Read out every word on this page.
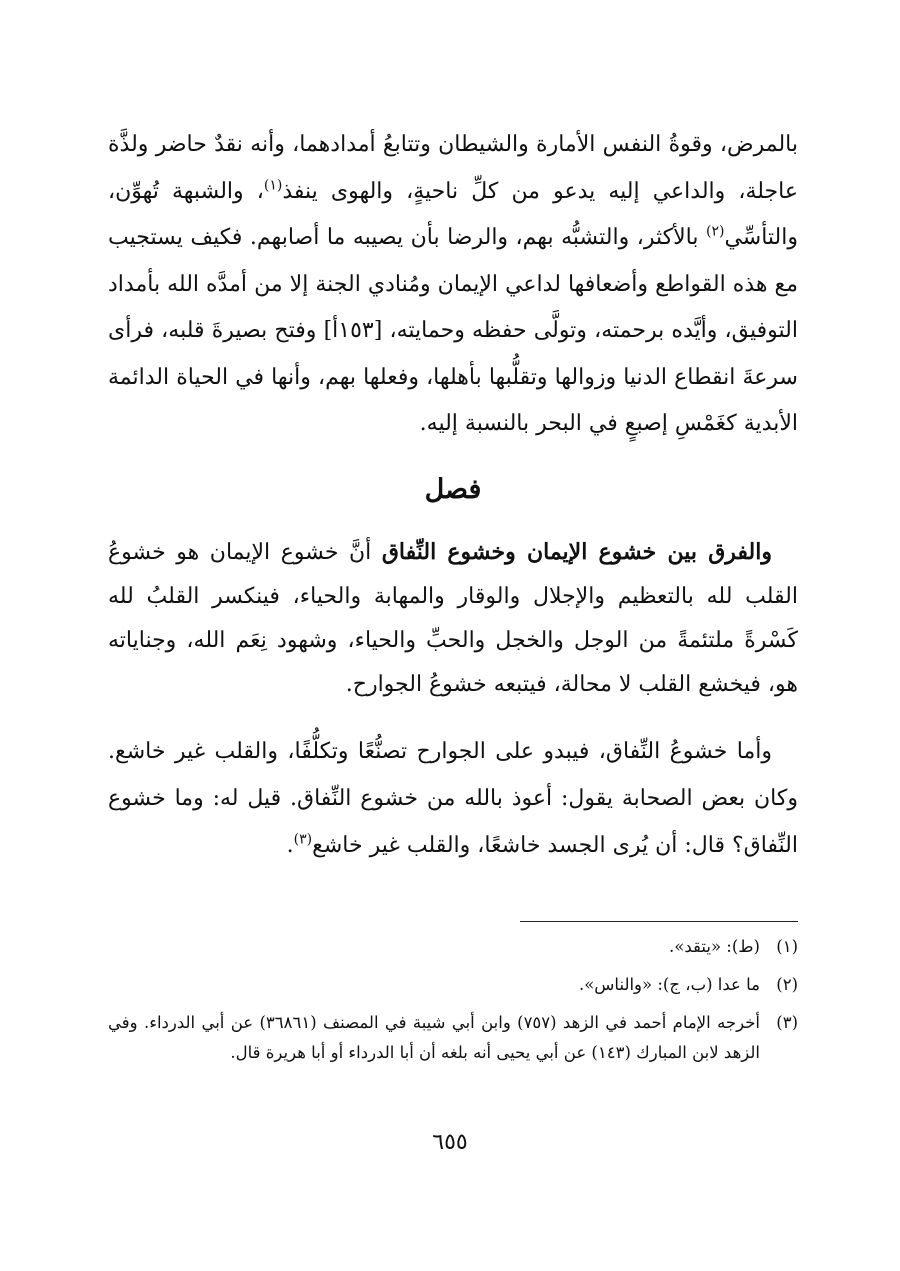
بالمرض، وقوةُ النفس الأمارة والشيطان وتتابعُ أمدادهما، وأنه نقدٌ حاضر ولذَّة عاجلة، والداعي إليه يدعو من كلِّ ناحيةٍ، والهوى ينفذ$^{(١)}$، والشبهة تُهوِّن، والتأسِّي$^{(٢)}$ بالأكثر، والتشبُّه بهم، والرضا بأن يصيبه ما أصابهم. فكيف يستجيب مع هذه القواطع وأضعافها لداعي الإيمان ومُنادي الجنة إلا من أمدَّه الله بأمداد التوفيق، وأيَّده برحمته، وتولَّى حفظه وحمايته، [١٥٣أ] وفتح بصيرةَ قلبه، فرأى سرعةَ انقطاع الدنيا وزوالها وتقلُّبها بأهلها، وفعلها بهم، وأنها في الحياة الدائمة الأبدية كغَمْسِ إصبعٍ في البحر بالنسبة إليه.

فصل

والفرق بين خشوع الإيمان وخشوع النِّفاق أنَّ خشوع الإيمان هو خشوعُ القلب لله بالتعظيم والإجلال والوقار والمهابة والحياء، فينكسر القلبُ لله كَسْرةً ملتئمةً من الوجل والخجل والحبِّ والحياء، وشهود نِعَم الله، وجناياته هو، فيخشع القلب لا محالة، فيتبعه خشوعُ الجوارح.

وأما خشوعُ النِّفاق، فيبدو على الجوارح تصنُّعًا وتكلُّفًا، والقلب غير خاشع. وكان بعض الصحابة يقول: أعوذ بالله من خشوع النِّفاق. قيل له: وما خشوع النِّفاق؟ قال: أن يُرى الجسد خاشعًا، والقلب غير خاشع$^{(٣)}$.

(١)
(ط): «يتقد».
(٢)
ما عدا (ب، ج): «والناس».
(٣)
أخرجه الإمام أحمد في الزهد (٧٥٧) وابن أبي شيبة في المصنف (٣٦٨٦١) عن أبي الدرداء. وفي الزهد لابن المبارك (١٤٣) عن أبي يحيى أنه بلغه أن أبا الدرداء أو أبا هريرة قال.
٦٥٥
